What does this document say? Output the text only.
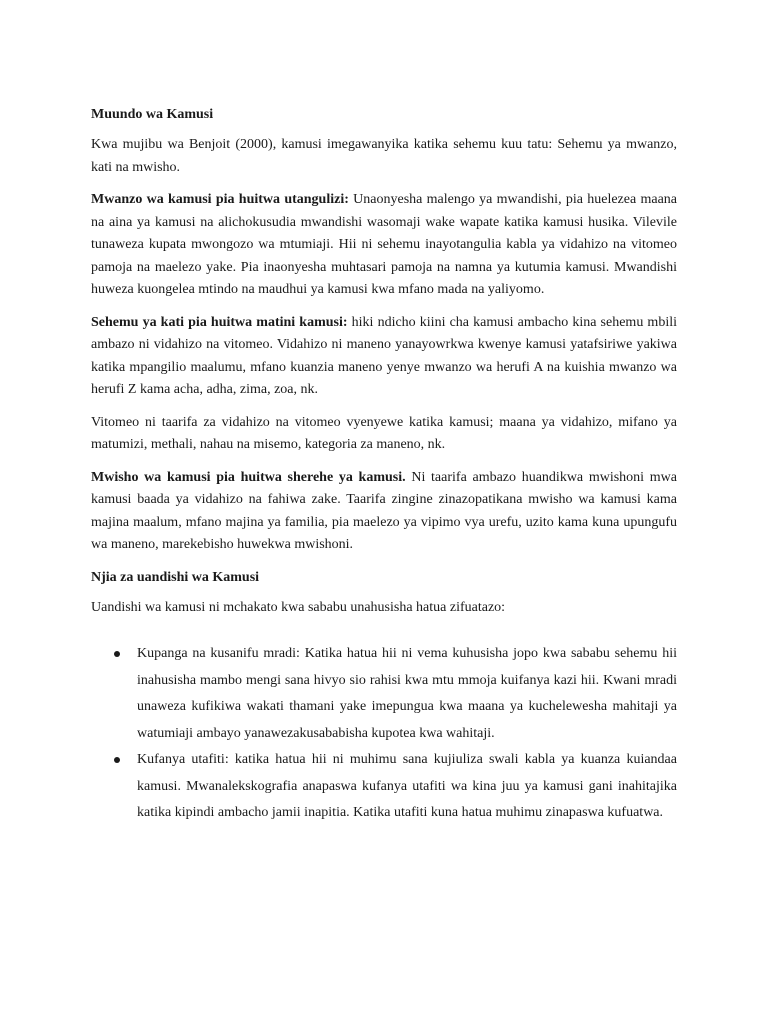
Muundo wa Kamusi

Kwa mujibu wa Benjoit (2000), kamusi imegawanyika katika sehemu kuu tatu: Sehemu ya mwanzo, kati na mwisho.

Mwanzo wa kamusi pia huitwa utangulizi: Unaonyesha malengo ya mwandishi, pia huelezea maana na aina ya kamusi na alichokusudia mwandishi wasomaji wake wapate katika kamusi husika. Vilevile tunaweza kupata mwongozo wa mtumiaji. Hii ni sehemu inayotangulia kabla ya vidahizo na vitomeo pamoja na maelezo yake. Pia inaonyesha muhtasari pamoja na namna ya kutumia kamusi. Mwandishi huweza kuongelea mtindo na maudhui ya kamusi kwa mfano mada na yaliyomo.

Sehemu ya kati pia huitwa matini kamusi: hiki ndicho kiini cha kamusi ambacho kina sehemu mbili ambazo ni vidahizo na vitomeo. Vidahizo ni maneno yanayowrkwa kwenye kamusi yatafsiriwe yakiwa katika mpangilio maalumu, mfano kuanzia maneno yenye mwanzo wa herufi A na kuishia mwanzo wa herufi Z kama acha, adha, zima, zoa, nk.

Vitomeo ni taarifa za vidahizo na vitomeo vyenyewe katika kamusi; maana ya vidahizo, mifano ya matumizi, methali, nahau na misemo, kategoria za maneno, nk.

Mwisho wa kamusi pia huitwa sherehe ya kamusi. Ni taarifa ambazo huandikwa mwishoni mwa kamusi baada ya vidahizo na fahiwa zake. Taarifa zingine zinazopatikana mwisho wa kamusi kama majina maalum, mfano majina ya familia, pia maelezo ya vipimo vya urefu, uzito kama kuna upungufu wa maneno, marekebisho huwekwa mwishoni.

Njia za uandishi wa Kamusi

Uandishi wa kamusi ni mchakato kwa sababu unahusisha hatua zifuatazo:

Kupanga na kusanifu mradi: Katika hatua hii ni vema kuhusisha jopo kwa sababu sehemu hii inahusisha mambo mengi sana hivyo sio rahisi kwa mtu mmoja kuifanya kazi hii. Kwani mradi unaweza kufikiwa wakati thamani yake imepungua kwa maana ya kuchelewesha mahitaji ya watumiaji ambayo yanawezakusababisha kupotea kwa wahitaji.
Kufanya utafiti: katika hatua hii ni muhimu sana kujiuliza swali kabla ya kuanza kuiandaa kamusi. Mwanalekskografia anapaswa kufanya utafiti wa kina juu ya kamusi gani inahitajika katika kipindi ambacho jamii inapitia. Katika utafiti kuna hatua muhimu zinapaswa kufuatwa.
